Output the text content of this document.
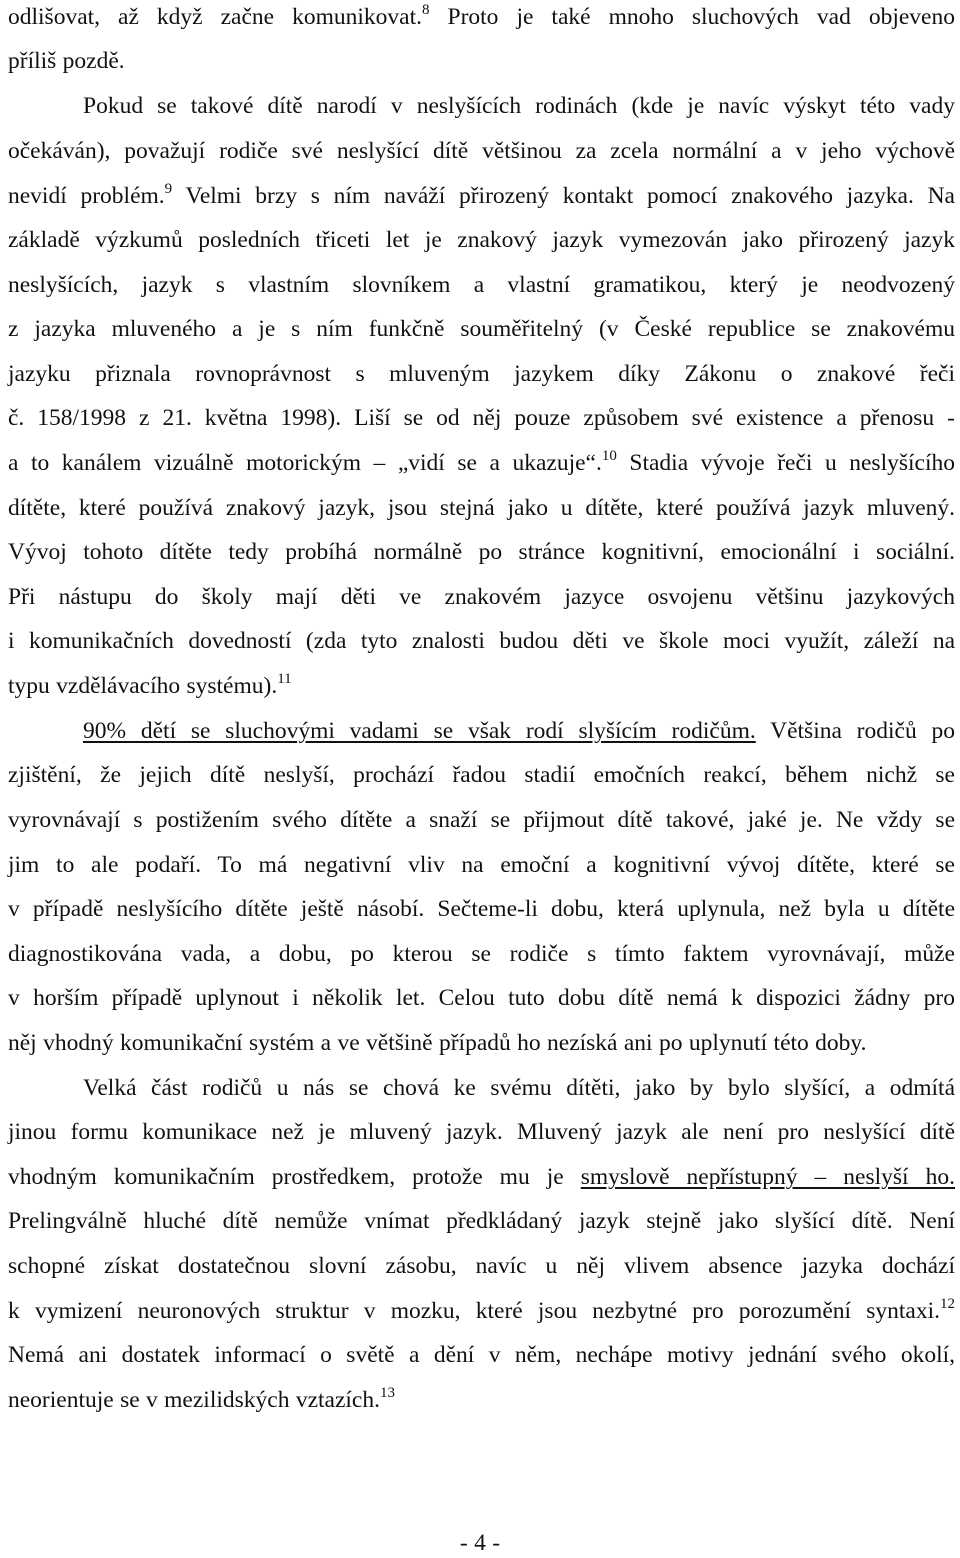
odlišovat, až když začne komunikovat.$^8$ Proto je také mnoho sluchových vad objeveno
příliš pozdě.
Pokud se takové dítě narodí v neslyšících rodinách (kde je navíc výskyt této vady
očekáván), považují rodiče své neslyšící dítě většinou za zcela normální a v jeho výchově
nevidí problém.$^9$ Velmi brzy s ním naváží přirozený kontakt pomocí znakového jazyka. Na
základě výzkumů posledních třiceti let je znakový jazyk vymezován jako přirozený jazyk
neslyšících, jazyk s vlastním slovníkem a vlastní gramatikou, který je neodvozený
z jazyka mluveného a je s ním funkčně souměřitelný (v České republice se znakovému
jazyku přiznala rovnoprávnost s mluveným jazykem díky Zákonu o znakové řeči
č. 158/1998 z 21. května 1998). Liší se od něj pouze způsobem své existence a přenosu -
a to kanálem vizuálně motorickým – „vidí se a ukazuje“.$^{10}$ Stadia vývoje řeči u neslyšícího
dítěte, které používá znakový jazyk, jsou stejná jako u dítěte, které používá jazyk mluvený.
Vývoj tohoto dítěte tedy probíhá normálně po stránce kognitivní, emocionální i sociální.
Při nástupu do školy mají děti ve znakovém jazyce osvojenu většinu jazykových
i komunikačních dovedností (zda tyto znalosti budou děti ve škole moci využít, záleží na
typu vzdělávacího systému).$^{11}$
90% dětí se sluchovými vadami se však rodí slyšícím rodičům. Většina rodičů po
zjištění, že jejich dítě neslyší, prochází řadou stadií emočních reakcí, během nichž se
vyrovnávají s postižením svého dítěte a snaží se přijmout dítě takové, jaké je. Ne vždy se
jim to ale podaří. To má negativní vliv na emoční a kognitivní vývoj dítěte, které se
v případě neslyšícího dítěte ještě násobí. Sečteme-li dobu, která uplynula, než byla u dítěte
diagnostikována vada, a dobu, po kterou se rodiče s tímto faktem vyrovnávají, může
v horším případě uplynout i několik let. Celou tuto dobu dítě nemá k dispozici žádny pro
něj vhodný komunikační systém a ve většině případů ho nezíská ani po uplynutí této doby.
Velká část rodičů u nás se chová ke svému dítěti, jako by bylo slyšící, a odmítá
jinou formu komunikace než je mluvený jazyk. Mluvený jazyk ale není pro neslyšící dítě
vhodným komunikačním prostředkem, protože mu je smyslově nepřístupný – neslyší ho.
Prelingválně hluché dítě nemůže vnímat předkládaný jazyk stejně jako slyšící dítě. Není
schopné získat dostatečnou slovní zásobu, navíc u něj vlivem absence jazyka dochází
k vymizení neuronových struktur v mozku, které jsou nezbytné pro porozumění syntaxi.$^{12}$
Nemá ani dostatek informací o světě a dění v něm, nechápe motivy jednání svého okolí,
neorientuje se v mezilidských vztazích.$^{13}$
- 4 -
